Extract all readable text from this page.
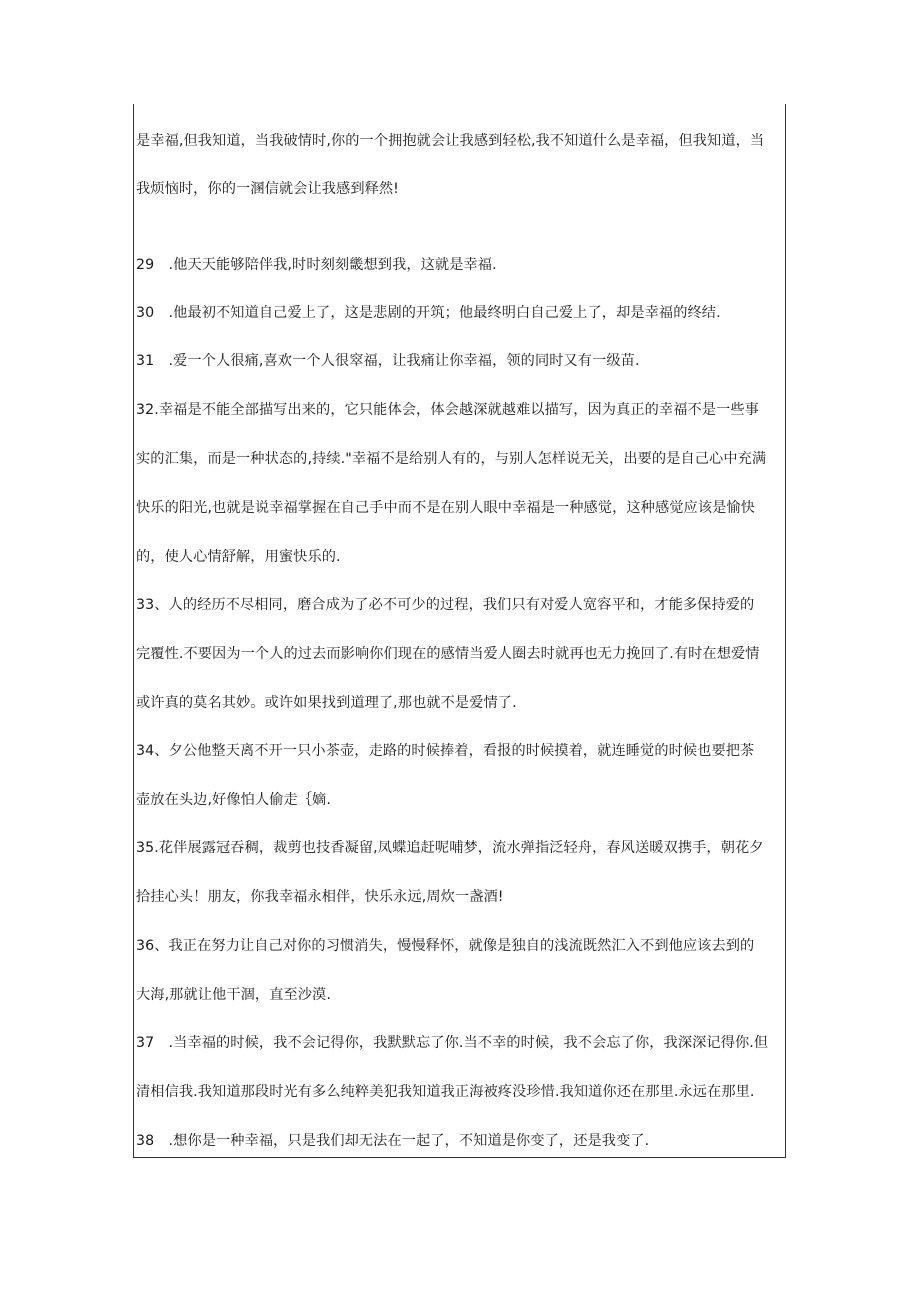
是幸福,但我知道，当我破情时,你的一个拥抱就会让我感到轻松,我不知道什么是幸福，但我知道，当
我烦恼时，你的一溷信就会让我感到释然!
29　.他天天能够陪伴我,时时刻刻畿想到我，这就是幸福.
30　.他最初不知道自己爱上了，这是悲剧的开筑；他最终明白自己爱上了，却是幸福的终结.
31　.爱一个人很痛,喜欢一个人很窣福，让我痛让你幸福，领的同时又有一级苗.
32.幸福是不能全部描写出来的，它只能体会，体会越深就越难以描写，因为真正的幸福不是一些事
实的汇集，而是一种状态的,持续."幸福不是给别人有的，与别人怎样说无关，出要的是自己心中充满
快乐的阳光,也就是说幸福掌握在自己手中而不是在别人眼中幸福是一种感觉，这种感觉应该是愉快
的，使人心情舒解，用蜜快乐的.
33、人的经历不尽相同，磨合成为了必不可少的过程，我们只有对爱人宽容平和，才能多保持爱的
完覆性.不要因为一个人的过去而影响你们现在的感情当爱人圈去时就再也无力挽回了.有时在想爱情
或许真的莫名其妙。或许如果找到道理了,那也就不是爱情了.
34、夕公他整天离不开一只小茶壶，走路的时候捧着，看报的时候摸着，就连睡觉的时候也要把茶
壶放在头边,好像怕人偷走｛嫡.
35.花伴展露冠吞稠，裁剪也技香凝留,凤蝶追赶呢哺梦，流水弹指泛轻舟，春风送暖双携手，朝花夕
拾挂心头！朋友，你我幸福永相伴，快乐永远,周炊一盏酒!
36、我正在努力让自己对你的习惯消失，慢慢释怀，就像是独自的浅流既然汇入不到他应该去到的
大海,那就让他干涸，直至沙漠.
37　.当幸福的时候，我不会记得你，我默默忘了你.当不幸的时候，我不会忘了你，我深深记得你.但
清相信我.我知道那段时光有多么纯粹美犯我知道我正海被疼没珍惜.我知道你还在那里.永远在那里.
38　.想你是一种幸福，只是我们却无法在一起了，不知道是你变了，还是我变了.
